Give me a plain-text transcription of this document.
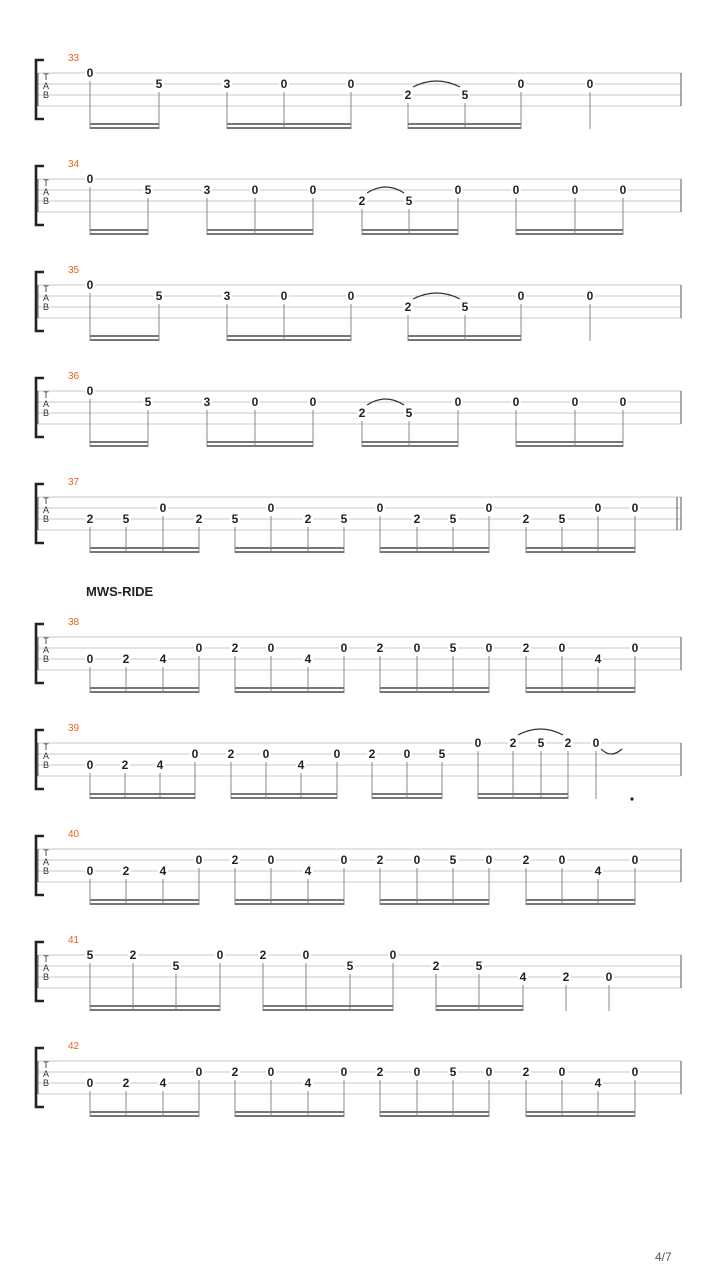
T
A
B
33
0
5	3	0	0
2	5
0	0
T
A
B
34
0
5	3	0	0
2	5
0	0	0	0
T
A
B
35
0
5	3	0	0
2	5
0	0
T
A
B
36
0
5	3	0	0
2	5
0	0	0	0
T
A
B
37
2 5
0
2 5
0
2 5
0
2 5
0
2 5
0	0
T
A
B
38
0 2	4
0 2 0
4
0 2	0 5 0	2 0
4
0
T
A
B
39
0 2 4
0 2 0
4
0 2 0 5
0 2 5 2 0
T
A
B
40
0 2	4
0 2 0
4
0 2	0 5 0	2 0
4
0
T
A
B
41
5	2
5
0	2	0
5
0
2	5
4	2	0
T
A
B
42
0 2	4
0 2 0
4
0 2	0 5 0	2 0
4
0
MWS-RIDE
4/7
